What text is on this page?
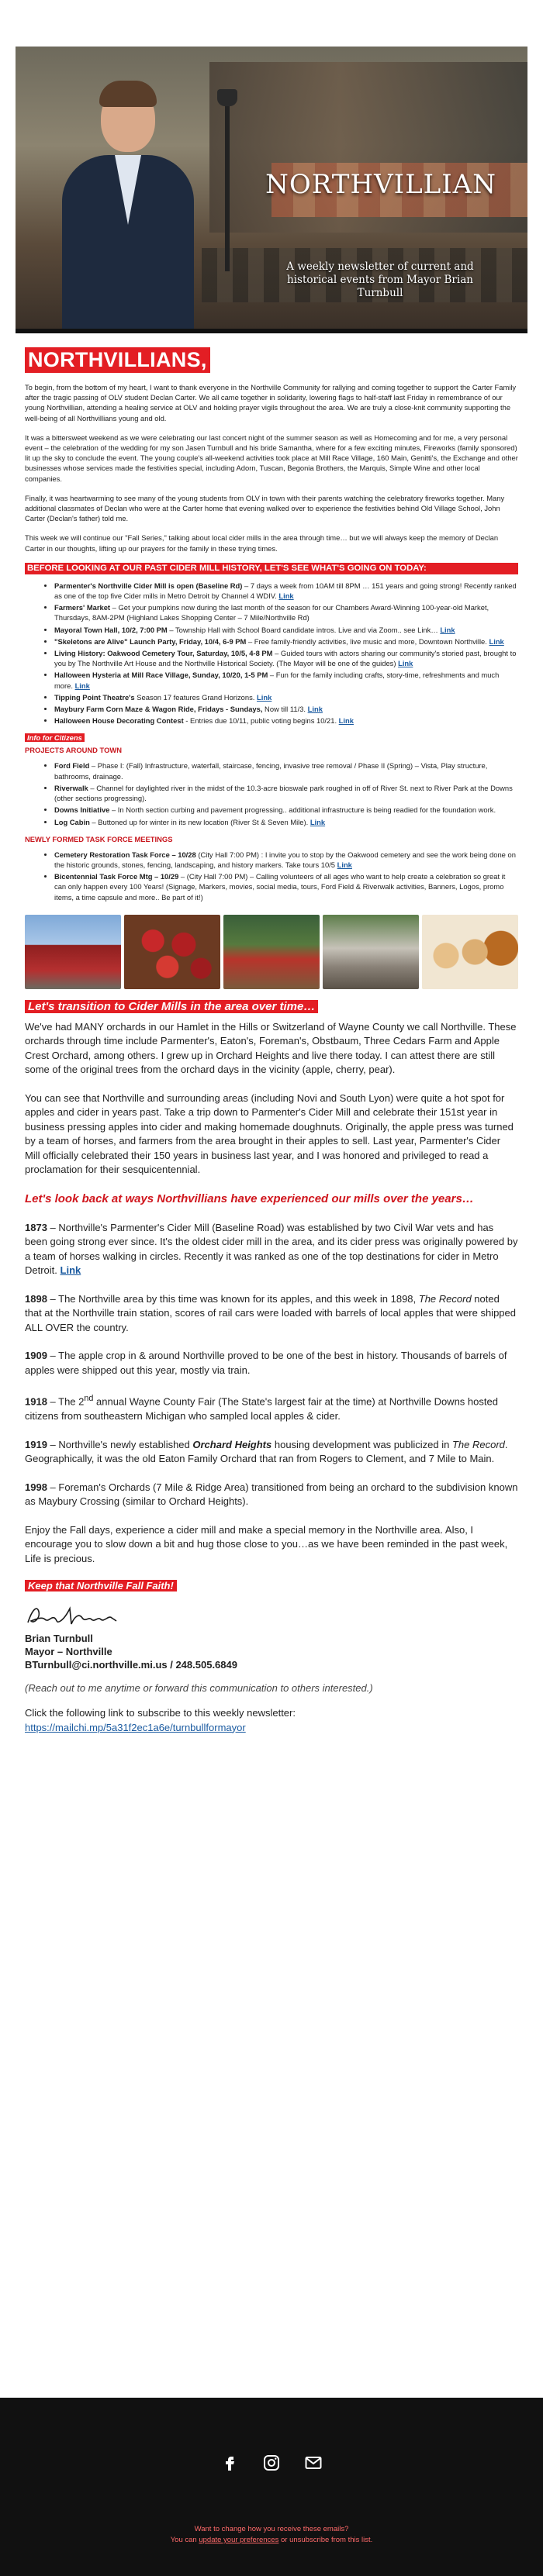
NORTHVILLIAN
A weekly newsletter of current and historical events from Mayor Brian Turnbull
NORTHVILLIANS,

To begin, from the bottom of my heart, I want to thank everyone in the Northville Community for rallying and coming together to support the Carter Family after the tragic passing of OLV student Declan Carter. We all came together in solidarity, lowering flags to half-staff last Friday in remembrance of our young Northvillian, attending a healing service at OLV and holding prayer vigils throughout the area. We are truly a close-knit community supporting the well-being of all Northvillians young and old.

It was a bittersweet weekend as we were celebrating our last concert night of the summer season as well as Homecoming and for me, a very personal event – the celebration of the wedding for my son Jasen Turnbull and his bride Samantha, where for a few exciting minutes, Fireworks (family sponsored) lit up the sky to conclude the event. The young couple's all-weekend activities took place at Mill Race Village, 160 Main, Genitti's, the Exchange and other businesses whose services made the festivities special, including Adorn, Tuscan, Begonia Brothers, the Marquis, Simple Wine and other local companies.

Finally, it was heartwarming to see many of the young students from OLV in town with their parents watching the celebratory fireworks together. Many additional classmates of Declan who were at the Carter home that evening walked over to experience the festivities behind Old Village School, John Carter (Declan's father) told me.

This week we will continue our "Fall Series," talking about local cider mills in the area through time… but we will always keep the memory of Declan Carter in our thoughts, lifting up our prayers for the family in these trying times.

BEFORE LOOKING AT OUR PAST CIDER MILL HISTORY, LET'S SEE WHAT'S GOING ON TODAY:
• Parmenter's Northville Cider Mill is open (Baseline Rd) – 7 days a week from 10AM till 8PM … 151 years and going strong! Recently ranked as one of the top five Cider mills in Metro Detroit by Channel 4 WDIV. Link
• Farmers' Market – Get your pumpkins now during the last month of the season for our Chambers Award-Winning 100-year-old Market, Thursdays, 8AM-2PM (Highland Lakes Shopping Center – 7 Mile/Northville Rd)
• Mayoral Town Hall, 10/2, 7:00 PM – Township Hall with School Board candidate intros. Live and via Zoom.. see Link… Link
• "Skeletons are Alive" Launch Party, Friday, 10/4, 6-9 PM – Free family-friendly activities, live music and more, Downtown Northville. Link
• Living History: Oakwood Cemetery Tour, Saturday, 10/5, 4-8 PM – Guided tours with actors sharing our community's storied past, brought to you by The Northville Art House and the Northville Historical Society. (The Mayor will be one of the guides) Link
• Halloween Hysteria at Mill Race Village, Sunday, 10/20, 1-5 PM – Fun for the family including crafts, story-time, refreshments and much more. Link
• Tipping Point Theatre's Season 17 features Grand Horizons. Link
• Maybury Farm Corn Maze & Wagon Ride, Fridays - Sundays, Now till 11/3. Link
• Halloween House Decorating Contest - Entries due 10/11, public voting begins 10/21. Link
Info for Citizens
PROJECTS AROUND TOWN
• Ford Field – Phase I: (Fall) Infrastructure, waterfall, staircase, fencing, invasive tree removal / Phase II (Spring) – Vista, Play structure, bathrooms, drainage.
• Riverwalk – Channel for daylighted river in the midst of the 10.3-acre bioswale park roughed in off of River St. next to River Park at the Downs (other sections progressing).
• Downs Initiative – In North section curbing and pavement progressing.. additional infrastructure is being readied for the foundation work.
• Log Cabin – Buttoned up for winter in its new location (River St & Seven Mile). Link
NEWLY FORMED TASK FORCE MEETINGS
• Cemetery Restoration Task Force – 10/28 (City Hall 7:00 PM) : I invite you to stop by the Oakwood cemetery and see the work being done on the historic grounds, stones, fencing, landscaping, and history markers. Take tours 10/5 Link
• Bicentennial Task Force Mtg – 10/29 – (City Hall 7:00 PM) – Calling volunteers of all ages who want to help create a celebration so great it can only happen every 100 Years! (Signage, Markers, movies, social media, tours, Ford Field & Riverwalk activities, Banners, Logos, promo items, a time capsule and more.. Be part of it!)
Let's transition to Cider Mills in the area over time…

We've had MANY orchards in our Hamlet in the Hills or Switzerland of Wayne County we call Northville. These orchards through time include Parmenter's, Eaton's, Foreman's, Obstbaum, Three Cedars Farm and Apple Crest Orchard, among others. I grew up in Orchard Heights and live there today. I can attest there are still some of the original trees from the orchard days in the vicinity (apple, cherry, pear).

You can see that Northville and surrounding areas (including Novi and South Lyon) were quite a hot spot for apples and cider in years past. Take a trip down to Parmenter's Cider Mill and celebrate their 151st year in business pressing apples into cider and making homemade doughnuts. Originally, the apple press was turned by a team of horses, and farmers from the area brought in their apples to sell. Last year, Parmenter's Cider Mill officially celebrated their 150 years in business last year, and I was honored and privileged to read a proclamation for their sesquicentennial.

Let's look back at ways Northvillians have experienced our mills over the years…

1873 – Northville's Parmenter's Cider Mill (Baseline Road) was established by two Civil War vets and has been going strong ever since. It's the oldest cider mill in the area, and its cider press was originally powered by a team of horses walking in circles. Recently it was ranked as one of the top destinations for cider in Metro Detroit. Link

1898 – The Northville area by this time was known for its apples, and this week in 1898, The Record noted that at the Northville train station, scores of rail cars were loaded with barrels of local apples that were shipped ALL OVER the country.

1909 – The apple crop in & around Northville proved to be one of the best in history. Thousands of barrels of apples were shipped out this year, mostly via train.

1918 – The 2nd annual Wayne County Fair (The State's largest fair at the time) at Northville Downs hosted citizens from southeastern Michigan who sampled local apples & cider.

1919 – Northville's newly established Orchard Heights housing development was publicized in The Record. Geographically, it was the old Eaton Family Orchard that ran from Rogers to Clement, and 7 Mile to Main.

1998 – Foreman's Orchards (7 Mile & Ridge Area) transitioned from being an orchard to the subdivision known as Maybury Crossing (similar to Orchard Heights).

Enjoy the Fall days, experience a cider mill and make a special memory in the Northville area. Also, I encourage you to slow down a bit and hug those close to you…as we have been reminded in the past week, Life is precious.

Keep that Northville Fall Faith!
Brian Turnbull
Mayor – Northville
BTurnbull@ci.northville.mi.us / 248.505.6849

(Reach out to me anytime or forward this communication to others interested.)

Click the following link to subscribe to this weekly newsletter:

https://mailchi.mp/5a31f2ec1a6e/turnbullformayor
Want to change how you receive these emails?
You can update your preferences or unsubscribe from this list.
